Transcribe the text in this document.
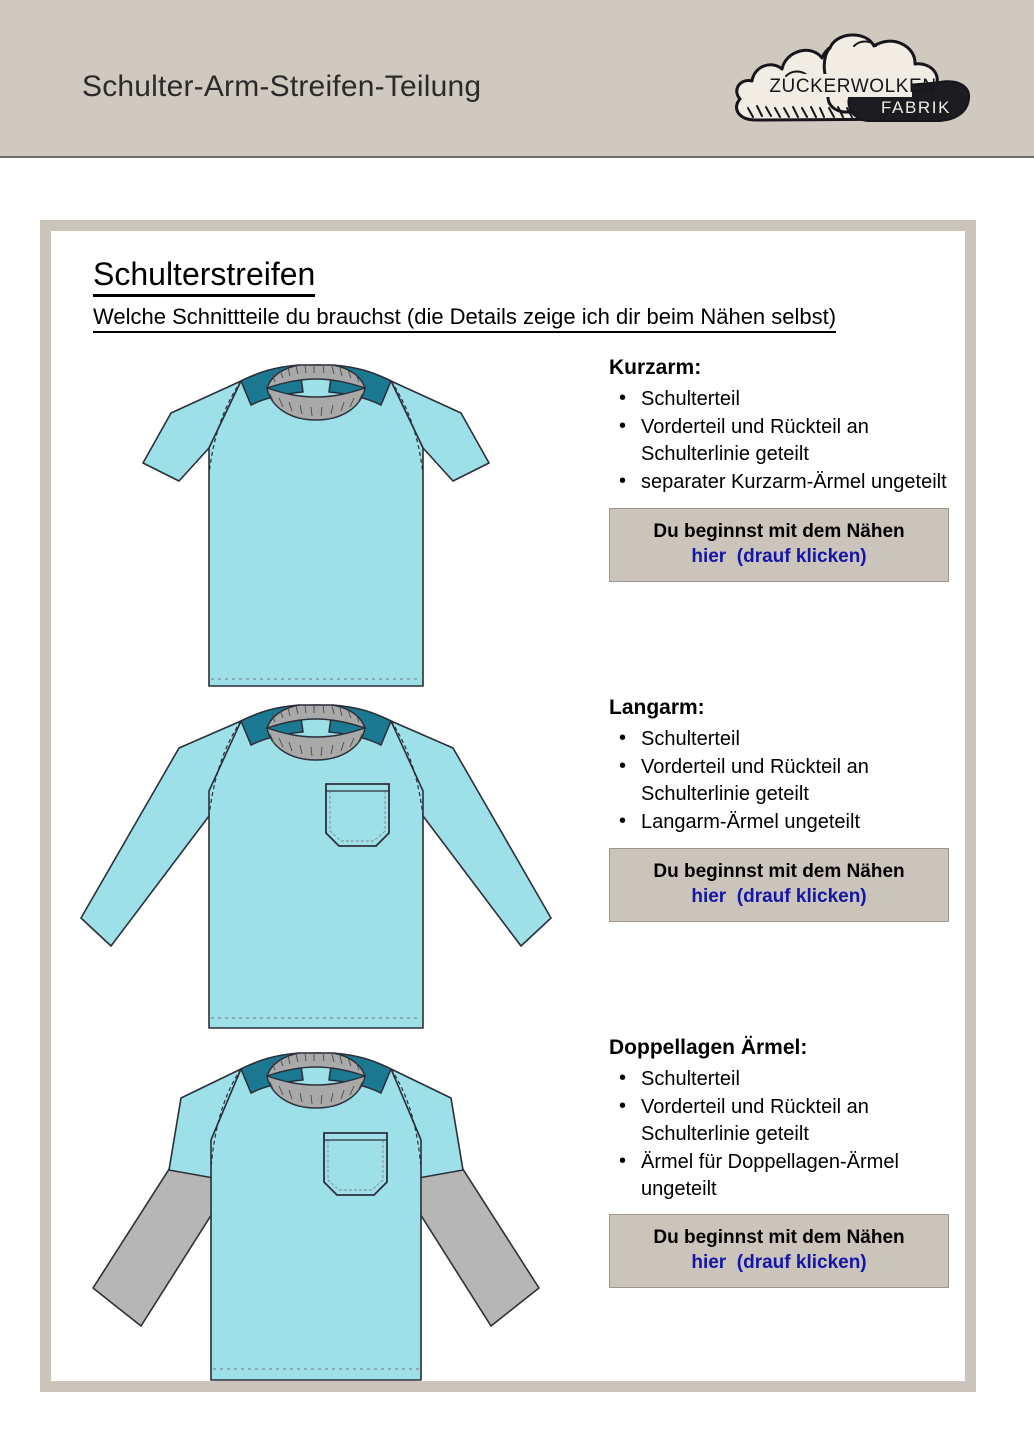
Schulter-Arm-Streifen-Teilung	ZUCKERWOLKEN
FABRIK
Schulterstreifen
Welche Schnittteile du brauchst (die Details zeige ich dir beim Nähen selbst)
Kurzarm:
• Schulterteil
• Vorderteil und Rückteil an Schulterlinie geteilt
• separater Kurzarm-Ärmel ungeteilt
Du beginnst mit dem Nähen
hier (drauf klicken)
Langarm:
• Schulterteil
• Vorderteil und Rückteil an Schulterlinie geteilt
• Langarm-Ärmel ungeteilt
Du beginnst mit dem Nähen
hier (drauf klicken)
Doppellagen Ärmel:
• Schulterteil
• Vorderteil und Rückteil an Schulterlinie geteilt
• Ärmel für Doppellagen-Ärmel ungeteilt
Du beginnst mit dem Nähen
hier (drauf klicken)
